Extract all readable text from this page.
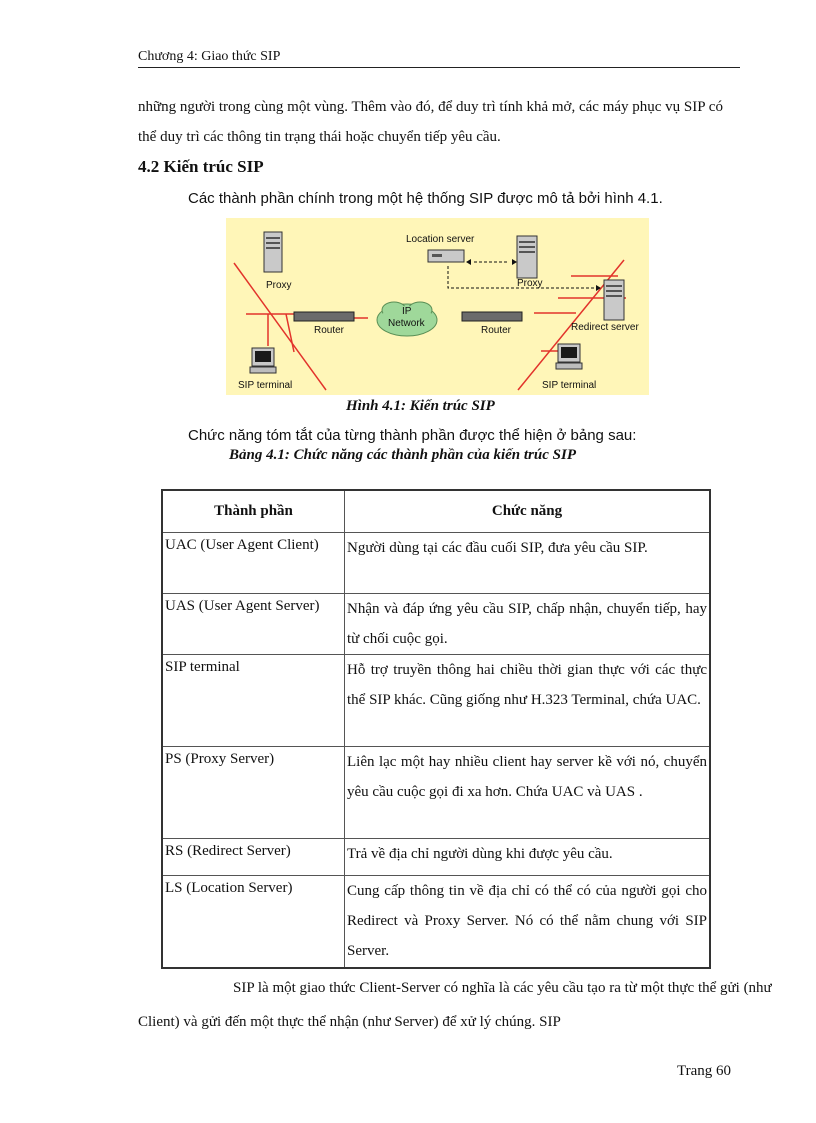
Chương 4: Giao thức SIP

những người trong cùng một vùng. Thêm vào đó, để duy trì tính khả mở, các máy phục vụ SIP có thể duy trì các thông tin trạng thái hoặc chuyển tiếp yêu cầu.

4.2 Kiến trúc SIP
Các thành phần chính trong một hệ thống SIP được mô tả bởi hình 4.1.
Proxy
Location server
Proxy
Redirect server
Router	Router
IP
Network
SIP terminal	SIP terminal
Hình 4.1: Kiến trúc SIP
Chức năng tóm tắt của từng thành phần được thể hiện ở bảng sau:
Bảng 4.1: Chức năng các thành phần của kiến trúc SIP
Thành phần	Chức năng
UAC (User Agent Client)	Người dùng tại các đầu cuối SIP, đưa yêu cầu SIP.
UAS (User Agent Server)	Nhận và đáp ứng yêu cầu SIP, chấp nhận, chuyển tiếp, hay từ chối cuộc gọi.
SIP terminal	Hỗ trợ truyền thông hai chiều thời gian thực với các thực thể SIP khác. Cũng giống như H.323 Terminal, chứa UAC.
PS (Proxy Server)	Liên lạc một hay nhiều client hay server kề với nó, chuyển yêu cầu cuộc gọi đi xa hơn. Chứa UAC và UAS .
RS (Redirect Server)	Trả về địa chỉ người dùng khi được yêu cầu.
LS (Location Server)	Cung cấp thông tin về địa chỉ có thể có của người gọi cho Redirect và Proxy Server. Nó có thể nằm chung với SIP Server.

SIP là một giao thức Client-Server có nghĩa là các yêu cầu tạo ra từ một thực thể gửi (như Client) và gửi đến một thực thể nhận (như Server) để xử lý chúng. SIP

Trang 60
